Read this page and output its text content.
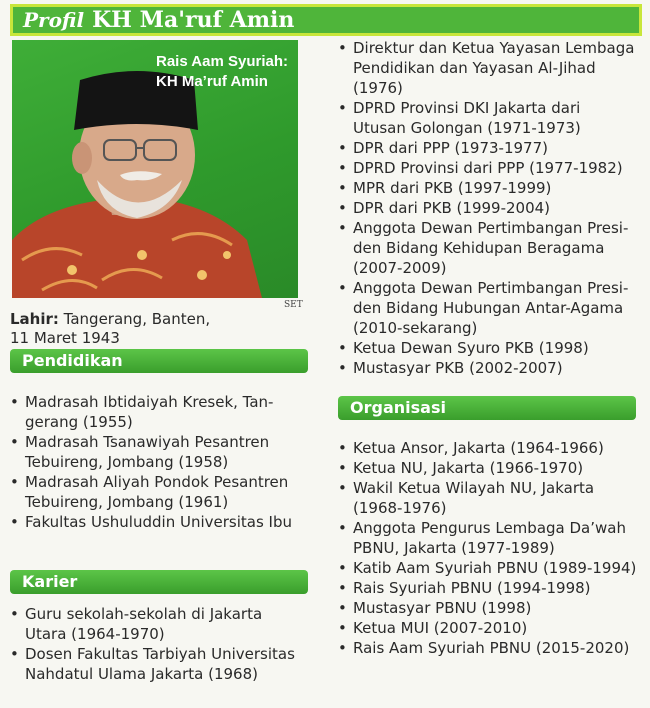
Profil KH Ma'ruf Amin
Rais Aam Syuriah:
KH Ma’ruf Amin
SET
Lahir: Tangerang, Banten,
11 Maret 1943
Pendidikan
• Madrasah Ibtidaiyah Kresek, Tan-
gerang (1955)
• Madrasah Tsanawiyah Pesantren
Tebuireng, Jombang (1958)
• Madrasah Aliyah Pondok Pesantren
Tebuireng, Jombang (1961)
• Fakultas Ushuluddin Universitas Ibu
Karier
• Guru sekolah-sekolah di Jakarta
Utara (1964-1970)
• Dosen Fakultas Tarbiyah Universitas
Nahdatul Ulama Jakarta (1968)
• Direktur dan Ketua Yayasan Lembaga
Pendidikan dan Yayasan Al-Jihad
(1976)
• DPRD Provinsi DKI Jakarta dari
Utusan Golongan (1971-1973)
• DPR dari PPP (1973-1977)
• DPRD Provinsi dari PPP (1977-1982)
• MPR dari PKB (1997-1999)
• DPR dari PKB (1999-2004)
• Anggota Dewan Pertimbangan Presi-
den Bidang Kehidupan Beragama
(2007-2009)
• Anggota Dewan Pertimbangan Presi-
den Bidang Hubungan Antar-Agama
(2010-sekarang)
• Ketua Dewan Syuro PKB (1998)
• Mustasyar PKB (2002-2007)
Organisasi
• Ketua Ansor, Jakarta (1964-1966)
• Ketua NU, Jakarta (1966-1970)
• Wakil Ketua Wilayah NU, Jakarta
(1968-1976)
• Anggota Pengurus Lembaga Da’wah
PBNU, Jakarta (1977-1989)
• Katib Aam Syuriah PBNU (1989-1994)
• Rais Syuriah PBNU (1994-1998)
• Mustasyar PBNU (1998)
• Ketua MUI (2007-2010)
• Rais Aam Syuriah PBNU (2015-2020)
